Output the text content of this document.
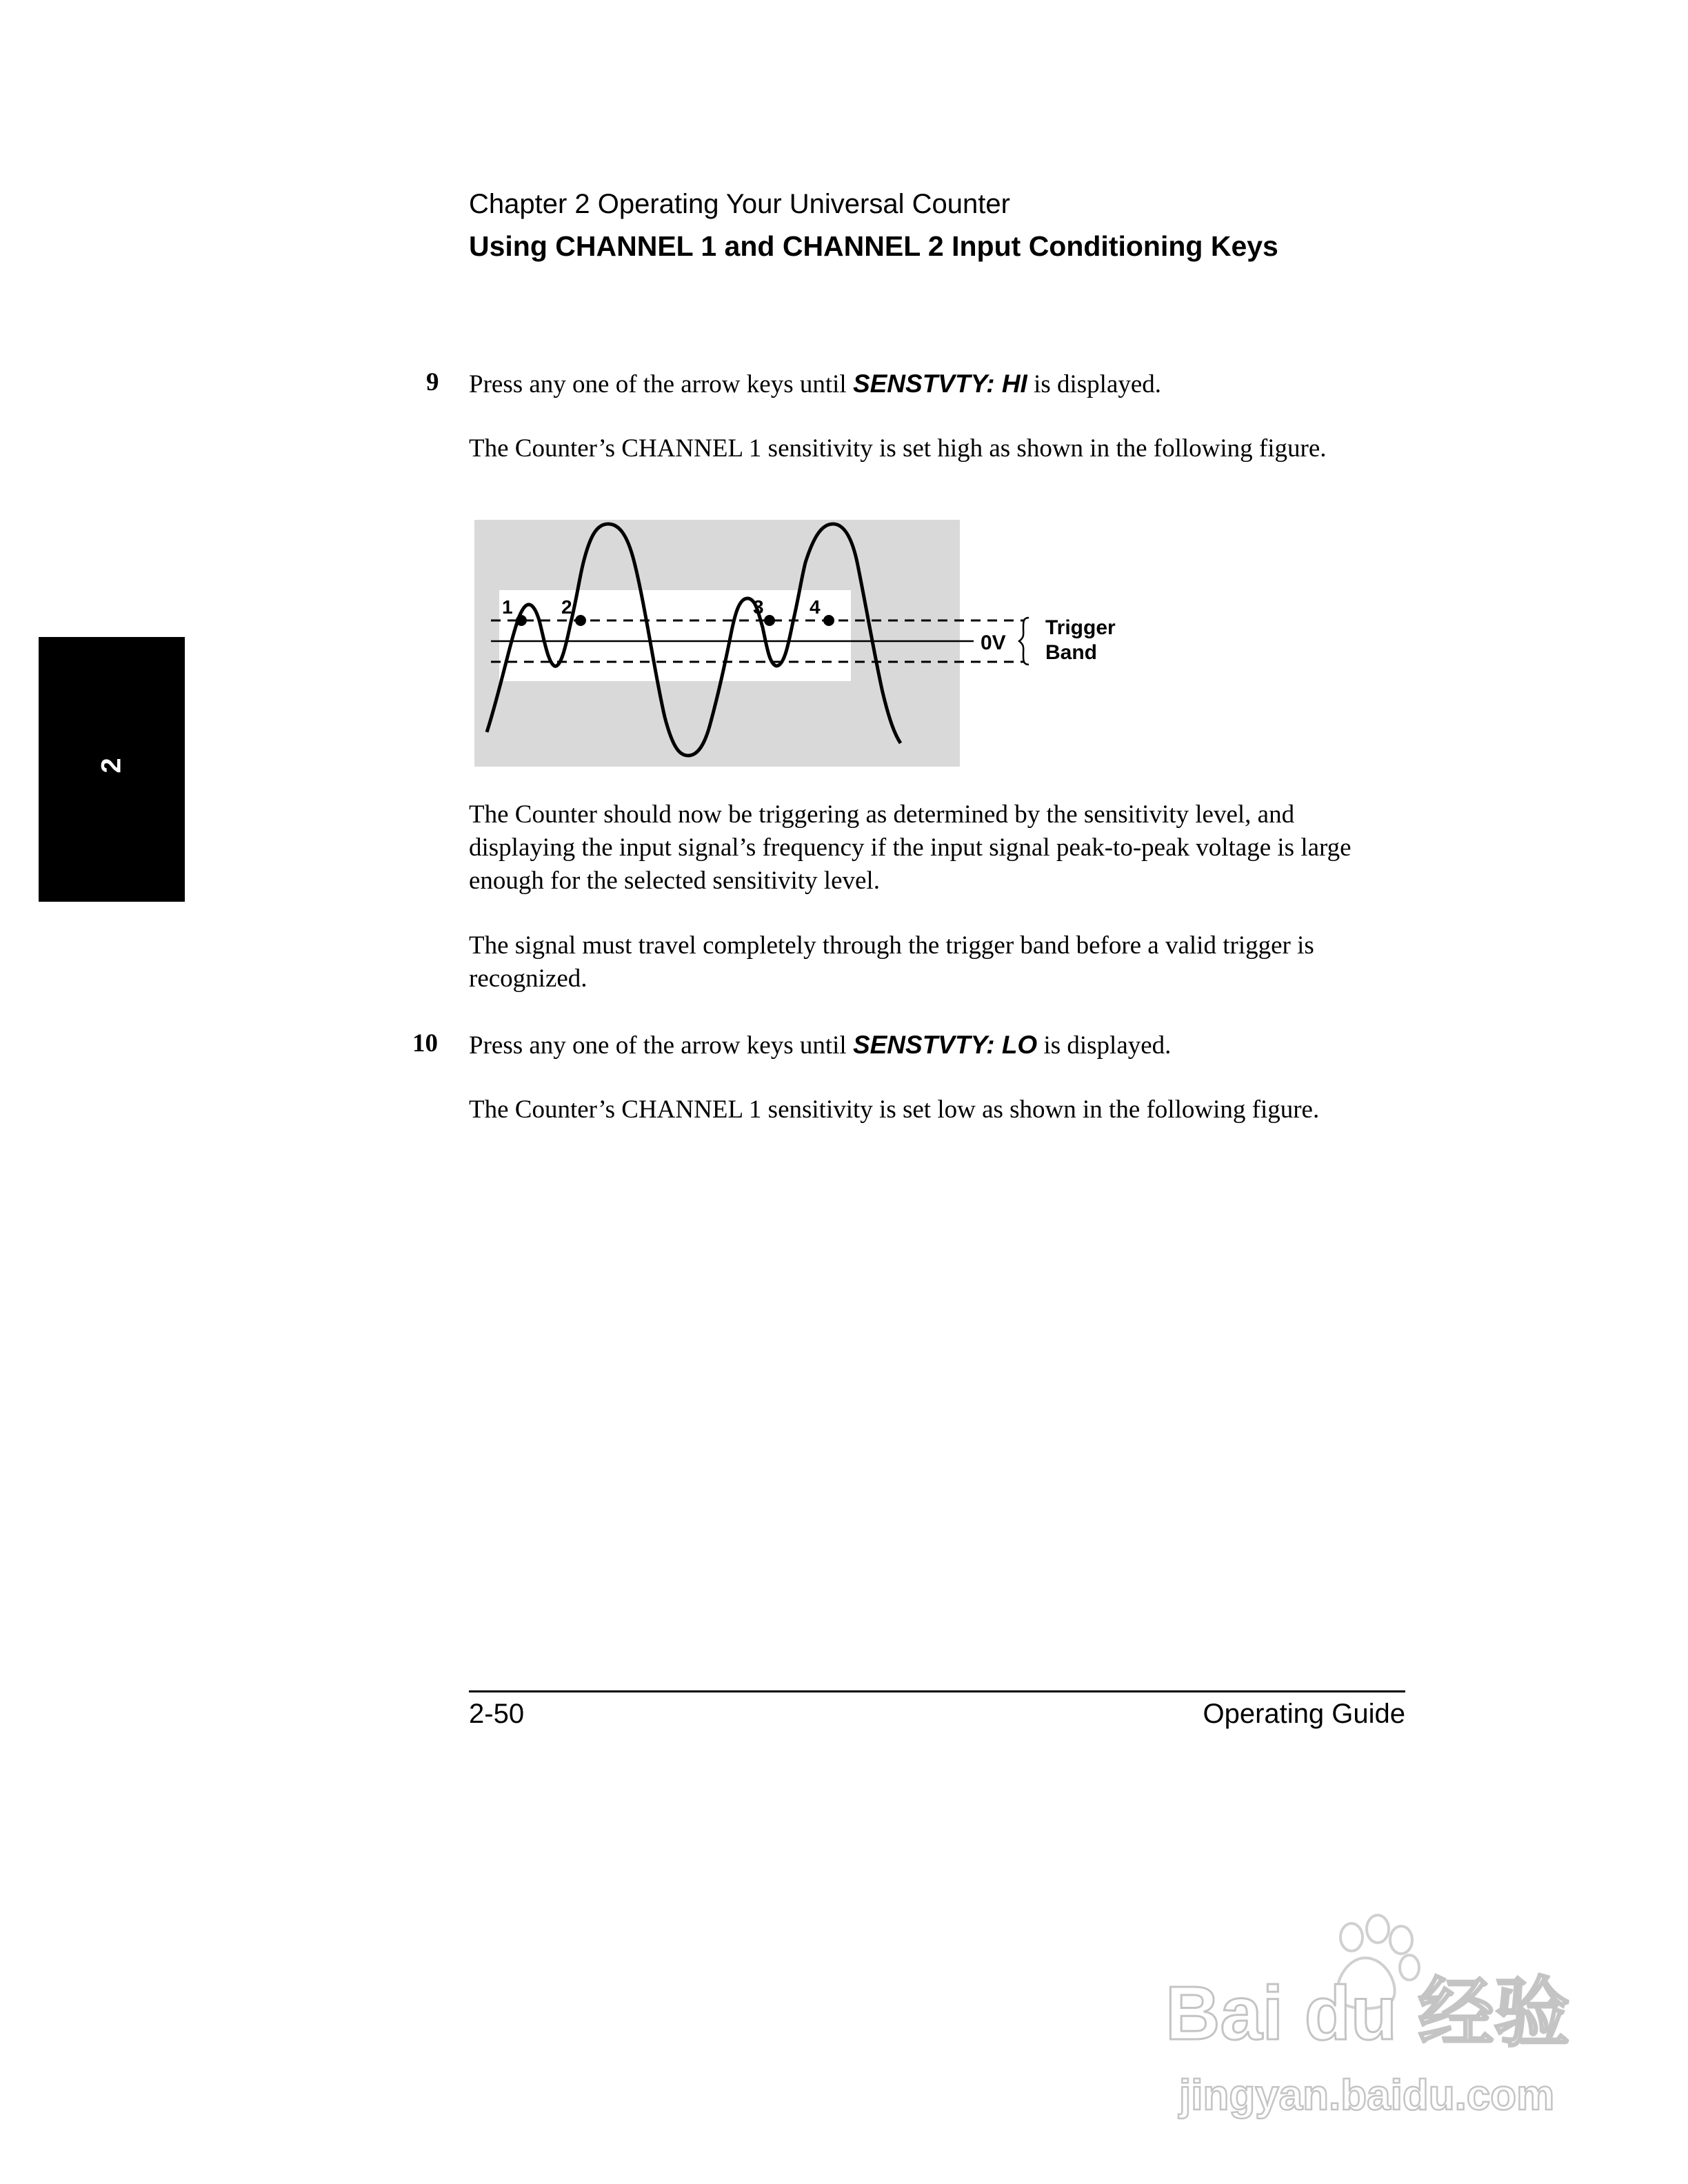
Chapter 2 Operating Your Universal Counter
Using CHANNEL 1 and CHANNEL 2 Input Conditioning Keys
2
9 Press any one of the arrow keys until SENSTVTY: HI is displayed.
The Counter’s CHANNEL 1 sensitivity is set high as shown in the following figure.
1	2	3 4
0V
Trigger
Band
The Counter should now be triggering as determined by the sensitivity level, and displaying the input signal’s frequency if the input signal peak-to-peak voltage is large enough for the selected sensitivity level.
The signal must travel completely through the trigger band before a valid trigger is recognized.
10 Press any one of the arrow keys until SENSTVTY: LO is displayed.
The Counter’s CHANNEL 1 sensitivity is set low as shown in the following figure.
2-50	Operating Guide
Bai du 经验
jingyan.baidu.com
